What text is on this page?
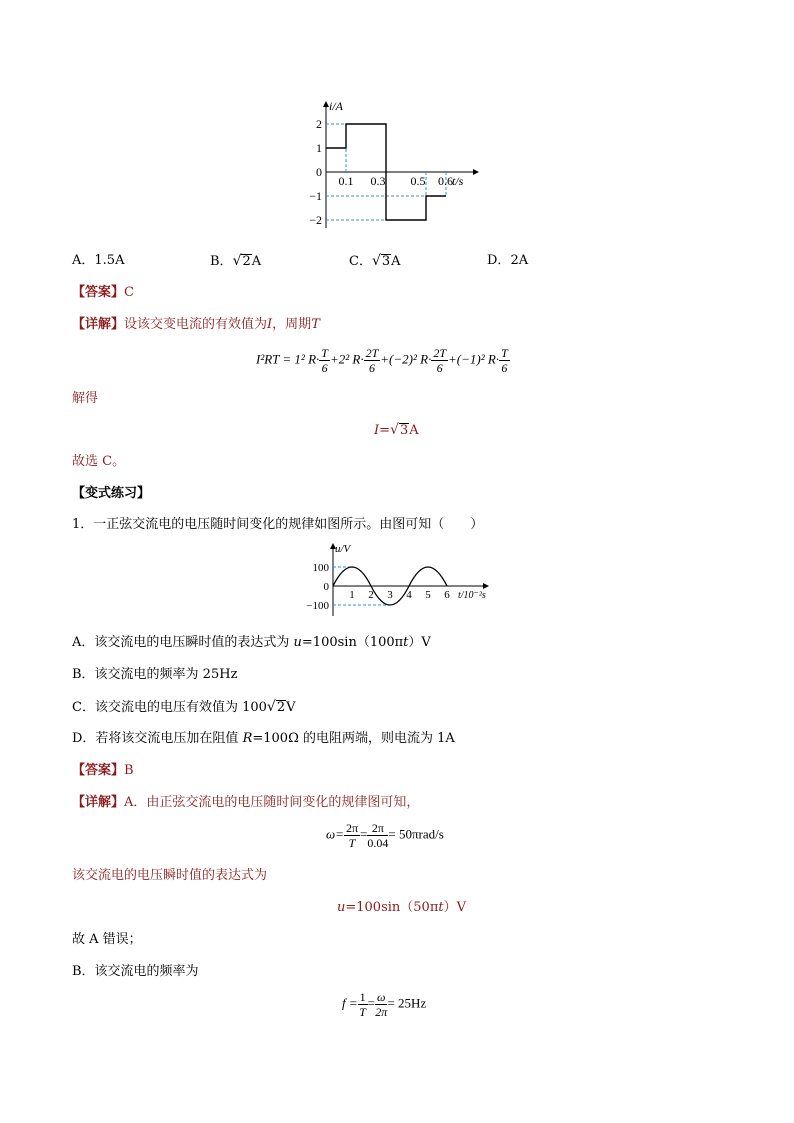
i/A
t/s
2
1
0
−1
−2
0.1 0.3 0.5 0.6
A．1.5A	B．√2A	C．√3A	D．2A
【答案】C
【详解】设该交变电流的有效值为I，周期T
I²RT = 1² $R\cdot \frac{T}{6} +2^2$ $R\cdot \frac{2T}{6} +(-2)^2$ $R\cdot \frac{2T}{6} +(-1)^2$ $R\cdot \frac{T}{6}$
解得
I=√3A
故选 C。
【变式练习】
1．一正弦交流电的电压随时间变化的规律如图所示。由图可知（　　）
u/V
t/10⁻²s
100
0
−100
1 2 3 4 5 6
A．该交流电的电压瞬时值的表达式为 u=100sin（100πt）V
B．该交流电的频率为 25Hz
C．该交流电的电压有效值为 100√2V
D．若将该交流电压加在阻值 R=100Ω 的电阻两端，则电流为 1A
【答案】B
【详解】A．由正弦交流电的电压随时间变化的规律图可知，
$\omega= \frac{2\pi}{T} = \frac{2\pi}{0.04} = 50\pi rad/s$
该交流电的电压瞬时值的表达式为
u=100sin（50πt）V
故 A 错误；
B．该交流电的频率为
$f = \frac{1}{T} = \frac{\omega}{2\pi} = 25Hz$
